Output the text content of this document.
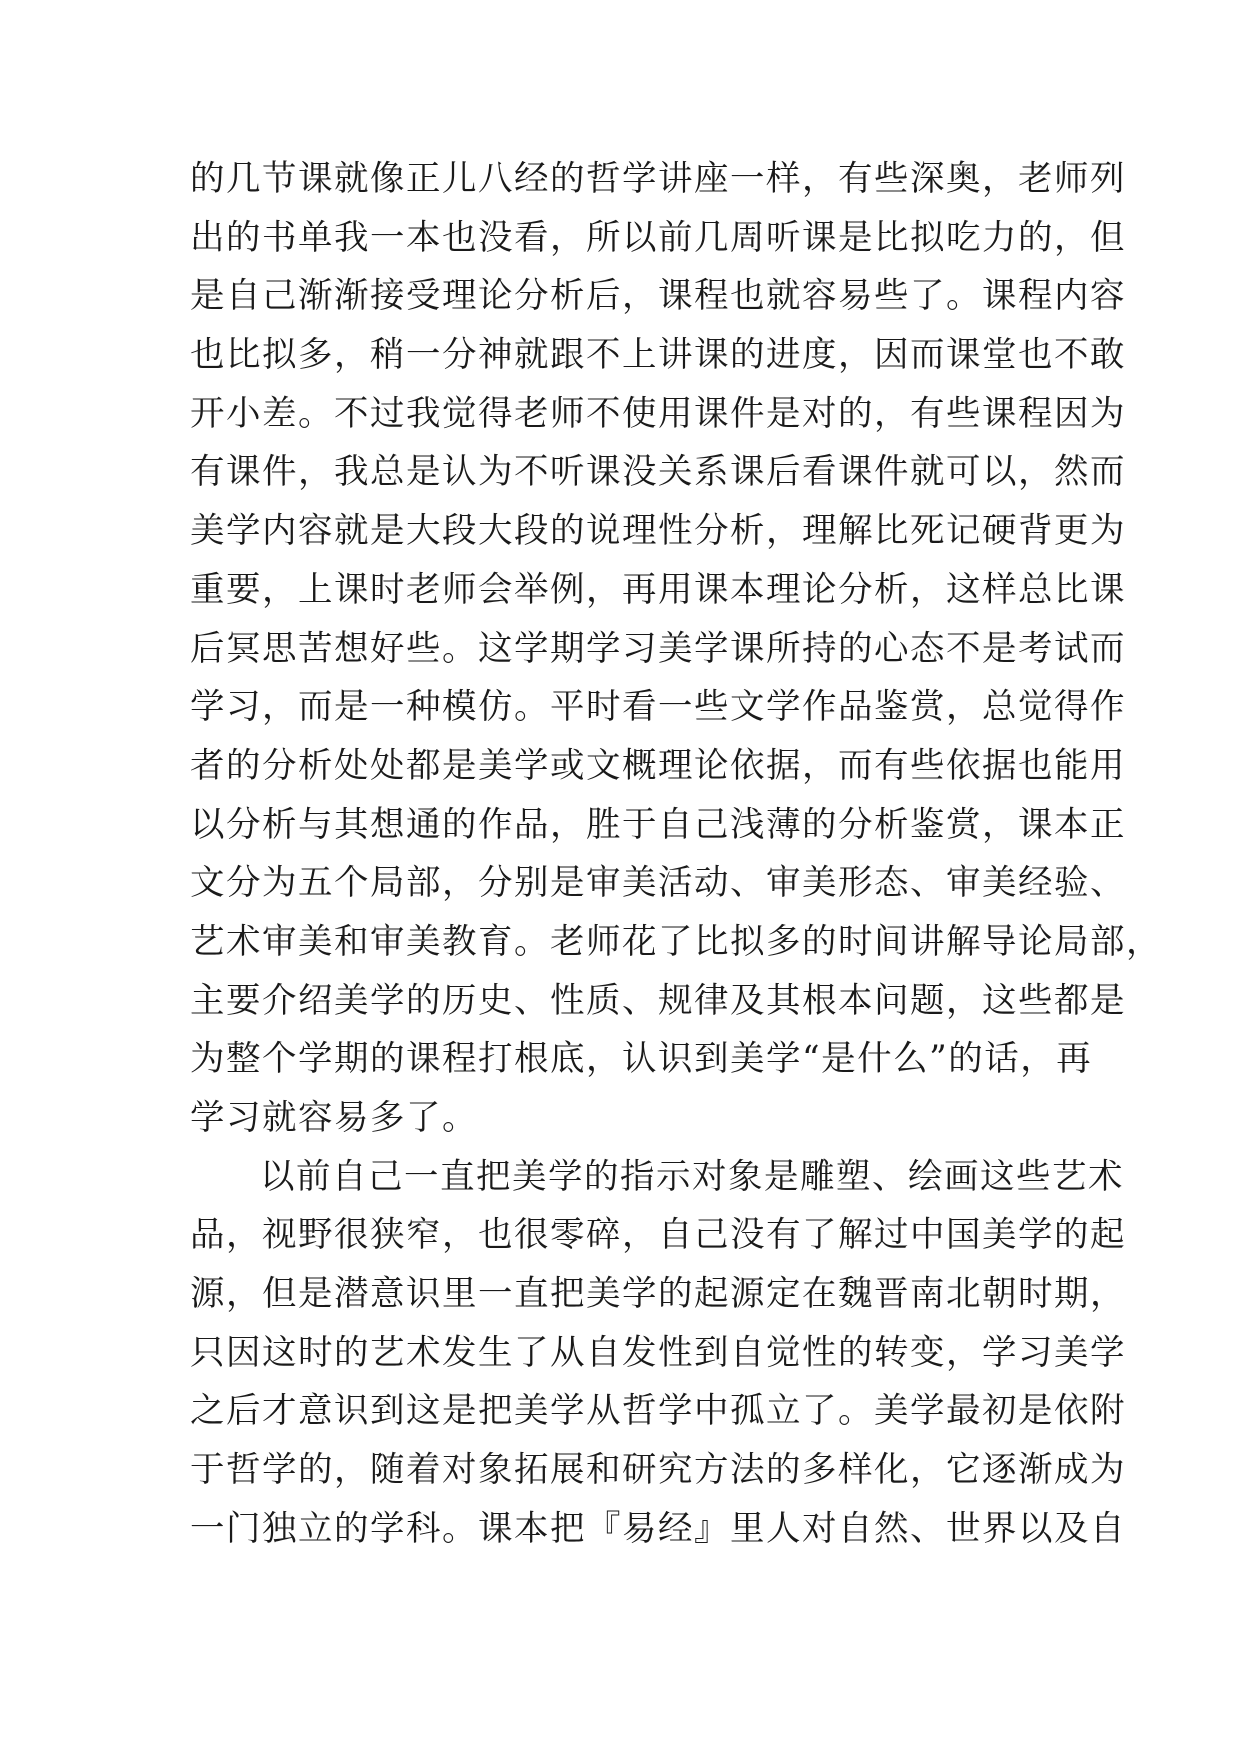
的几节课就像正儿八经的哲学讲座一样，有些深奥，老师列
出的书单我一本也没看，所以前几周听课是比拟吃力的，但
是自己渐渐接受理论分析后，课程也就容易些了。课程内容
也比拟多，稍一分神就跟不上讲课的进度，因而课堂也不敢
开小差。不过我觉得老师不使用课件是对的，有些课程因为
有课件，我总是认为不听课没关系课后看课件就可以，然而
美学内容就是大段大段的说理性分析，理解比死记硬背更为
重要，上课时老师会举例，再用课本理论分析，这样总比课
后冥思苦想好些。这学期学习美学课所持的心态不是考试而
学习，而是一种模仿。平时看一些文学作品鉴赏，总觉得作
者的分析处处都是美学或文概理论依据，而有些依据也能用
以分析与其想通的作品，胜于自己浅薄的分析鉴赏，课本正
文分为五个局部，分别是审美活动、审美形态、审美经验、
艺术审美和审美教育。老师花了比拟多的时间讲解导论局部，
主要介绍美学的历史、性质、规律及其根本问题，这些都是
为整个学期的课程打根底，认识到美学“是什么”的话，再
学习就容易多了。
以前自己一直把美学的指示对象是雕塑、绘画这些艺术
品，视野很狭窄，也很零碎，自己没有了解过中国美学的起
源，但是潜意识里一直把美学的起源定在魏晋南北朝时期，
只因这时的艺术发生了从自发性到自觉性的转变，学习美学
之后才意识到这是把美学从哲学中孤立了。美学最初是依附
于哲学的，随着对象拓展和研究方法的多样化，它逐渐成为
一门独立的学科。课本把『易经』里人对自然、世界以及自
